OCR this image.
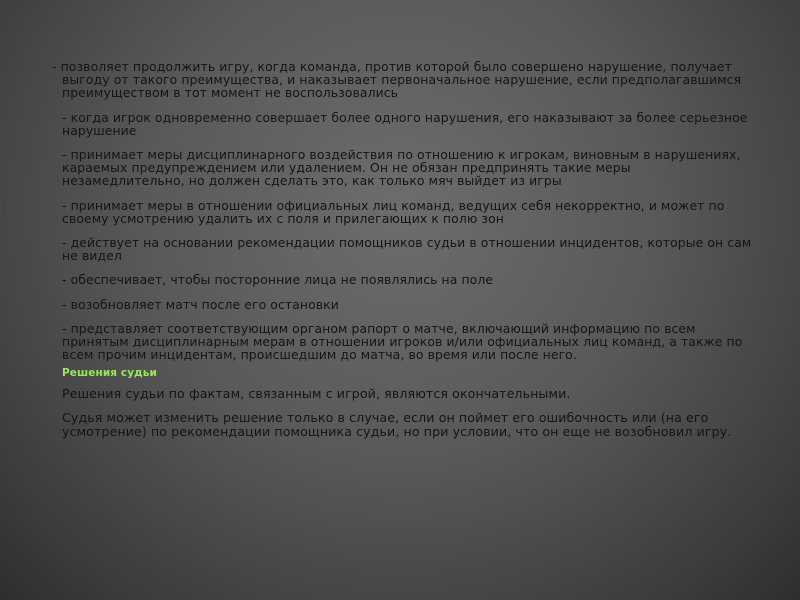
- позволяет продолжить игру, когда команда, против которой было совершено нарушение, получает выгоду от такого преимущества, и наказывает первоначальное нарушение, если предполагавшимся преимуществом в тот момент не воспользовались

- когда игрок одновременно совершает более одного нарушения, его наказывают за более серьезное нарушение

- принимает меры дисциплинарного воздействия по отношению к игрокам, виновным в нарушениях, караемых предупреждением или удалением. Он не обязан предпринять такие меры незамедлительно, но должен сделать это, как только мяч выйдет из игры

- принимает меры в отношении официальных лиц команд, ведущих себя некорректно, и может по своему усмотрению удалить их с поля и прилегающих к полю зон

- действует на основании рекомендации помощников судьи в отношении инцидентов, которые он сам не видел

- обеспечивает, чтобы посторонние лица не появлялись на поле

- возобновляет матч после его остановки

- представляет соответствующим органом рапорт о матче, включающий информацию по всем принятым дисциплинарным мерам в отношении игроков и/или официальных лиц команд, а также по всем прочим инцидентам, происшедшим до матча, во время или после него.

Решения судьи

Решения судьи по фактам, связанным с игрой, являются окончательными.

Судья может изменить решение только в случае, если он поймет его ошибочность или (на его усмотрение) по рекомендации помощника судьи, но при условии, что он еще не возобновил игру.
